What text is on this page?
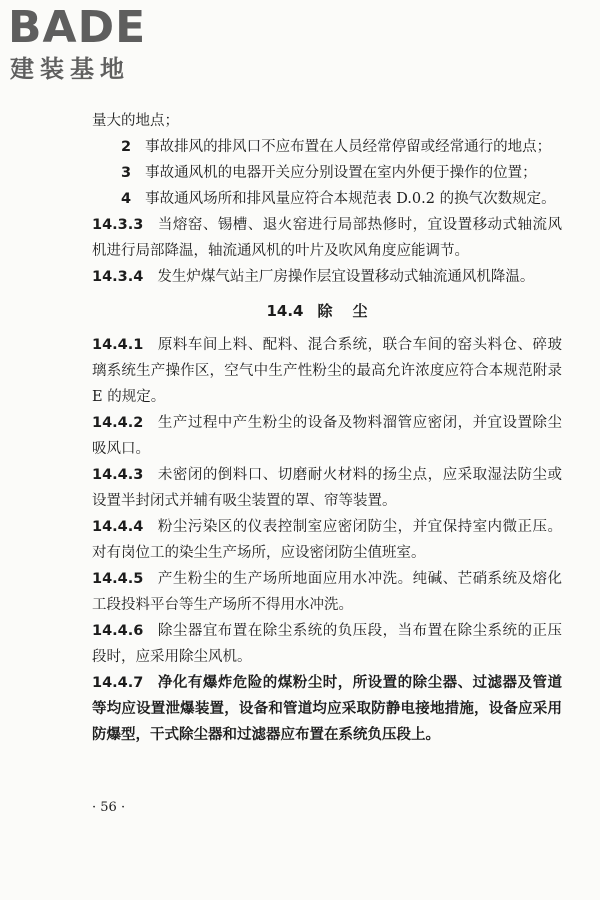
BADE
建装基地

量大的地点；

2 事故排风的排风口不应布置在人员经常停留或经常通行的地点；

3 事故通风机的电器开关应分别设置在室内外便于操作的位置；

4 事故通风场所和排风量应符合本规范表 D.0.2 的换气次数规定。

14.3.3 当熔窑、锡槽、退火窑进行局部热修时，宜设置移动式轴流风机进行局部降温，轴流通风机的叶片及吹风角度应能调节。

14.3.4 发生炉煤气站主厂房操作层宜设置移动式轴流通风机降温。

14.4 除尘

14.4.1 原料车间上料、配料、混合系统，联合车间的窑头料仓、碎玻璃系统生产操作区，空气中生产性粉尘的最高允许浓度应符合本规范附录 E 的规定。

14.4.2 生产过程中产生粉尘的设备及物料溜管应密闭，并宜设置除尘吸风口。

14.4.3 未密闭的倒料口、切磨耐火材料的扬尘点，应采取湿法防尘或设置半封闭式并辅有吸尘装置的罩、帘等装置。

14.4.4 粉尘污染区的仪表控制室应密闭防尘，并宜保持室内微正压。对有岗位工的染尘生产场所，应设密闭防尘值班室。

14.4.5 产生粉尘的生产场所地面应用水冲洗。纯碱、芒硝系统及熔化工段投料平台等生产场所不得用水冲洗。

14.4.6 除尘器宜布置在除尘系统的负压段，当布置在除尘系统的正压段时，应采用除尘风机。

14.4.7 净化有爆炸危险的煤粉尘时，所设置的除尘器、过滤器及管道等均应设置泄爆装置，设备和管道均应采取防静电接地措施，设备应采用防爆型，干式除尘器和过滤器应布置在系统负压段上。

· 56 ·
